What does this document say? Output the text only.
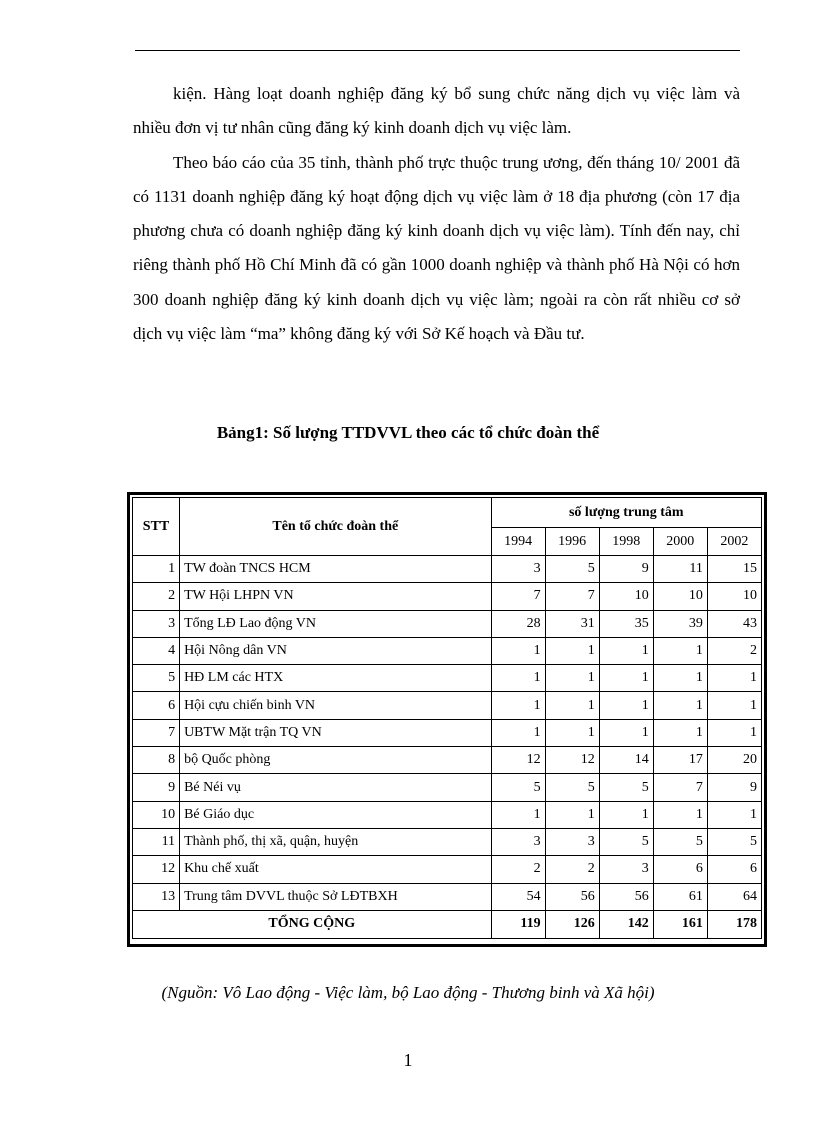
kiện. Hàng loạt doanh nghiệp đăng ký bổ sung chức năng dịch vụ việc làm và nhiều đơn vị tư nhân cũng đăng ký kinh doanh dịch vụ việc làm.

Theo báo cáo của 35 tỉnh, thành phố trực thuộc trung ương, đến tháng 10/ 2001 đã có 1131 doanh nghiệp đăng ký hoạt động dịch vụ việc làm ở 18 địa phương (còn 17 địa phương chưa có doanh nghiệp đăng ký kinh doanh dịch vụ việc làm). Tính đến nay, chỉ riêng thành phố Hồ Chí Minh đã có gần 1000 doanh nghiệp và thành phố Hà Nội có hơn 300 doanh nghiệp đăng ký kinh doanh dịch vụ việc làm; ngoài ra còn rất nhiều cơ sở dịch vụ việc làm “ma” không đăng ký với Sở Kế hoạch và Đầu tư.

Bảng1: Số lượng TTDVVL theo các tổ chức đoàn thể
STT	Tên tổ chức đoàn thể	số lượng trung tâm				
		1994	1996	1998	2000	2002
1	TW đoàn TNCS HCM	3	5	9	11	15
2	TW Hội LHPN VN	7	7	10	10	10
3	Tổng LĐ Lao động VN	28	31	35	39	43
4	Hội Nông dân VN	1	1	1	1	2
5	HĐ LM các HTX	1	1	1	1	1
6	Hội cựu chiến binh VN	1	1	1	1	1
7	UBTW Mặt trận TQ VN	1	1	1	1	1
8	bộ Quốc phòng	12	12	14	17	20
9	Bé Néi vụ	5	5	5	7	9
10	Bé Giáo dục	1	1	1	1	1
11	Thành phố, thị xã, quận, huyện	3	3	5	5	5
12	Khu chế xuất	2	2	3	6	6
13	Trung tâm DVVL thuộc Sở LĐTBXH	54	56	56	61	64
TỔNG CỘNG		119	126	142	161	178
(Nguồn: Vô Lao động - Việc làm, bộ Lao động - Thương binh và Xã hội)
1
